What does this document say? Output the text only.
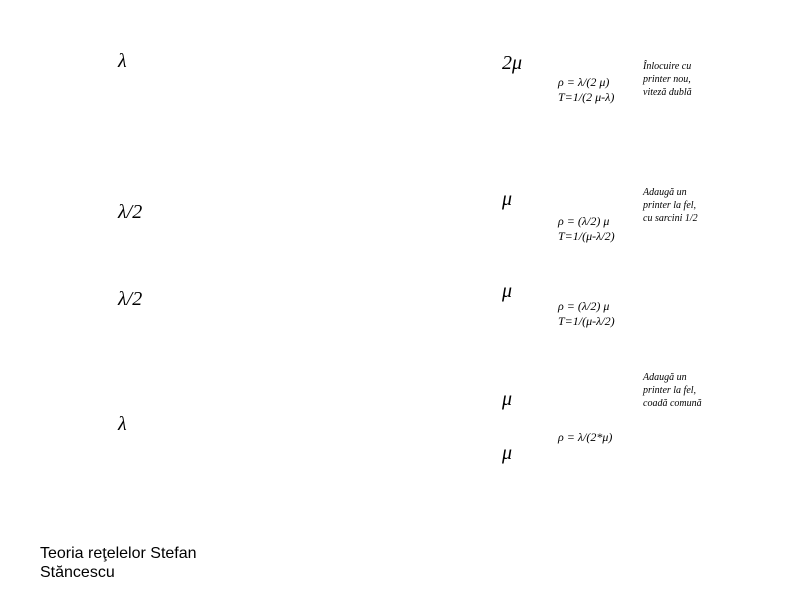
λ	2μ
ρ = λ/(2 μ)
T=1/(2 μ-λ)
Înlocuire cu
printer nou,
viteză dublă
λ/2
μ
ρ = (λ/2) μ
T=1/(μ-λ/2)
Adaugă un
printer la fel,
cu sarcini 1/2
λ/2	μ
ρ = (λ/2) μ
T=1/(μ-λ/2)
λ
μ
μ
ρ = λ/(2*μ)
Adaugă un
printer la fel,
coadă comună
Teoria reţelelor Stefan
Stăncescu
